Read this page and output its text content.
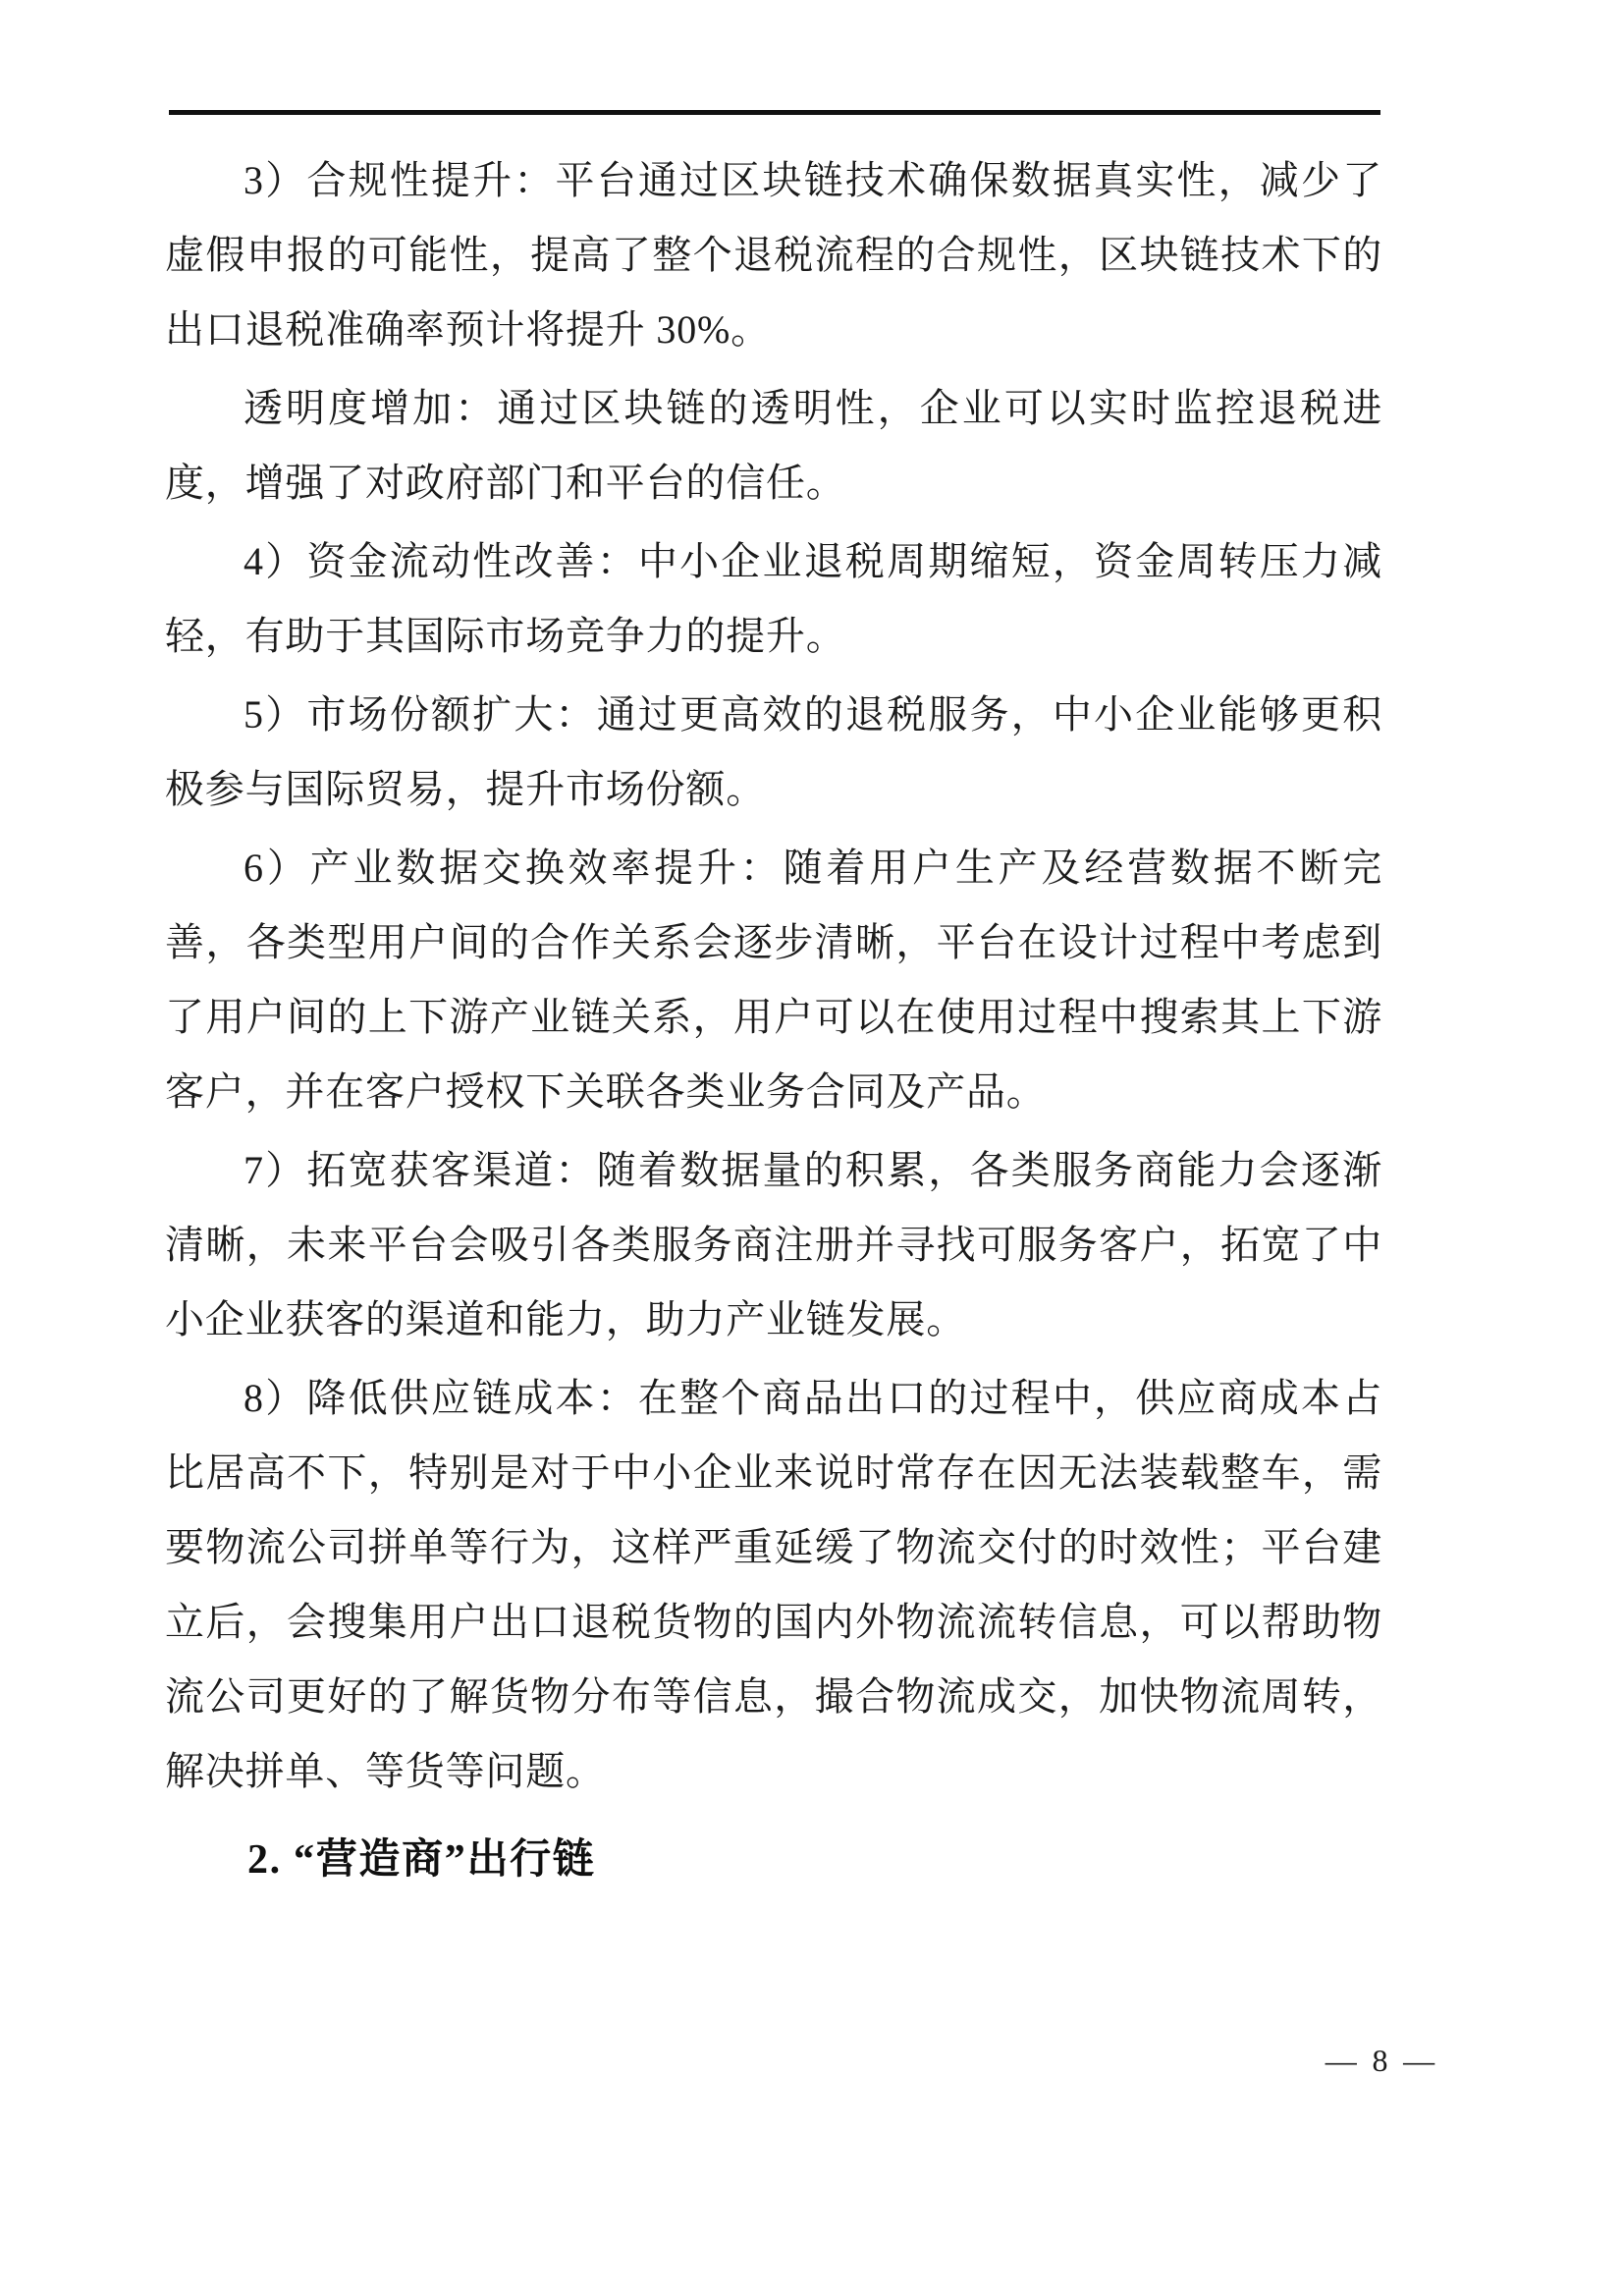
3）合规性提升：平台通过区块链技术确保数据真实性，减少了虚假申报的可能性，提高了整个退税流程的合规性，区块链技术下的出口退税准确率预计将提升 30%。

透明度增加：通过区块链的透明性，企业可以实时监控退税进度，增强了对政府部门和平台的信任。

4）资金流动性改善：中小企业退税周期缩短，资金周转压力减轻，有助于其国际市场竞争力的提升。

5）市场份额扩大：通过更高效的退税服务，中小企业能够更积极参与国际贸易，提升市场份额。

6）产业数据交换效率提升：随着用户生产及经营数据不断完善，各类型用户间的合作关系会逐步清晰，平台在设计过程中考虑到了用户间的上下游产业链关系，用户可以在使用过程中搜索其上下游客户，并在客户授权下关联各类业务合同及产品。

7）拓宽获客渠道：随着数据量的积累，各类服务商能力会逐渐清晰，未来平台会吸引各类服务商注册并寻找可服务客户，拓宽了中小企业获客的渠道和能力，助力产业链发展。

8）降低供应链成本：在整个商品出口的过程中，供应商成本占比居高不下，特别是对于中小企业来说时常存在因无法装载整车，需要物流公司拼单等行为，这样严重延缓了物流交付的时效性；平台建立后，会搜集用户出口退税货物的国内外物流流转信息，可以帮助物流公司更好的了解货物分布等信息，撮合物流成交，加快物流周转，解决拼单、等货等问题。

2. “营造商”出行链
— 8 —
